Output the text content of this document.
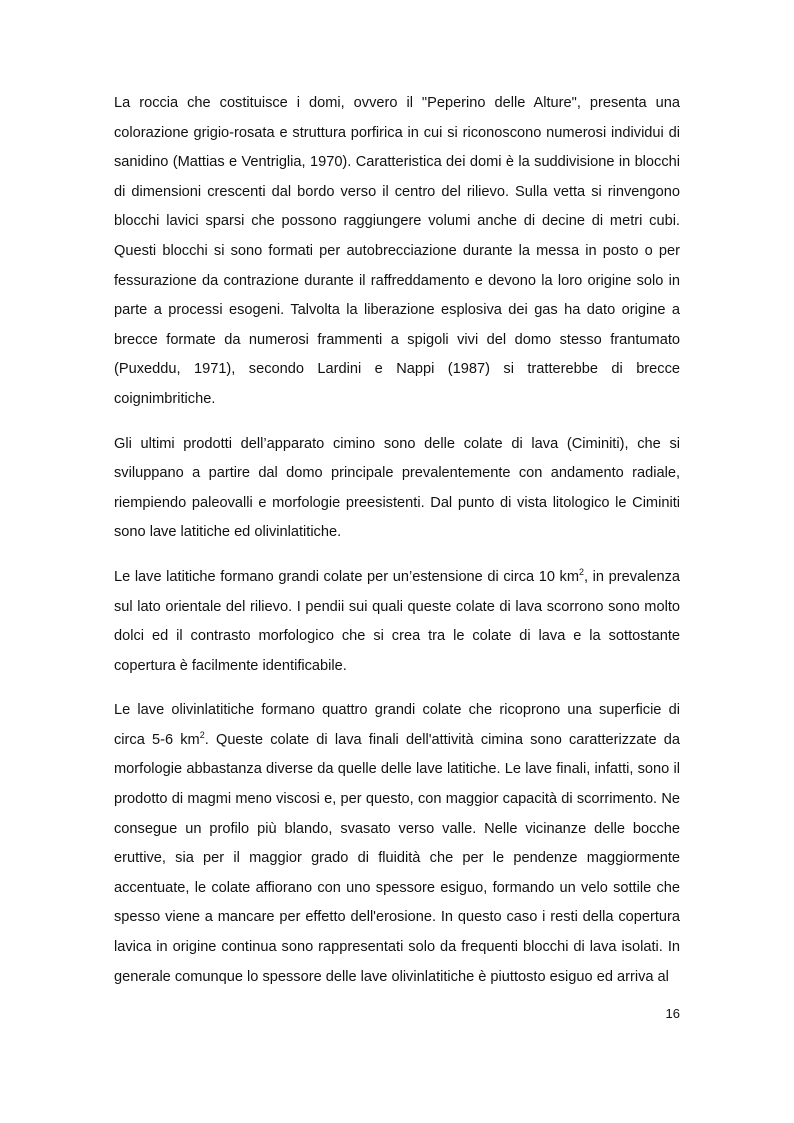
La roccia che costituisce i domi, ovvero il "Peperino delle Alture", presenta una colorazione grigio-rosata e struttura porfirica in cui si riconoscono numerosi individui di sanidino (Mattias e Ventriglia, 1970). Caratteristica dei domi è la suddivisione in blocchi di dimensioni crescenti dal bordo verso il centro del rilievo. Sulla vetta si rinvengono blocchi lavici sparsi che possono raggiungere volumi anche di decine di metri cubi. Questi blocchi si sono formati per autobrecciazione durante la messa in posto o per fessurazione da contrazione durante il raffreddamento e devono la loro origine solo in parte a processi esogeni. Talvolta la liberazione esplosiva dei gas ha dato origine a brecce formate da numerosi frammenti a spigoli vivi del domo stesso frantumato (Puxeddu, 1971), secondo Lardini e Nappi (1987) si tratterebbe di brecce coignimbritiche.

Gli ultimi prodotti dell’apparato cimino sono delle colate di lava (Ciminiti), che si sviluppano a partire dal domo principale prevalentemente con andamento radiale, riempiendo paleovalli e morfologie preesistenti. Dal punto di vista litologico le Ciminiti sono lave latitiche ed olivinlatitiche.

Le lave latitiche formano grandi colate per un’estensione di circa 10 $km^2$, in prevalenza sul lato orientale del rilievo. I pendii sui quali queste colate di lava scorrono sono molto dolci ed il contrasto morfologico che si crea tra le colate di lava e la sottostante copertura è facilmente identificabile.

Le lave olivinlatitiche formano quattro grandi colate che ricoprono una superficie di circa 5-6 $km^2$. Queste colate di lava finali dell'attività cimina sono caratterizzate da morfologie abbastanza diverse da quelle delle lave latitiche. Le lave finali, infatti, sono il prodotto di magmi meno viscosi e, per questo, con maggior capacità di scorrimento. Ne consegue un profilo più blando, svasato verso valle. Nelle vicinanze delle bocche eruttive, sia per il maggior grado di fluidità che per le pendenze maggiormente accentuate, le colate affiorano con uno spessore esiguo, formando un velo sottile che spesso viene a mancare per effetto dell'erosione. In questo caso i resti della copertura lavica in origine continua sono rappresentati solo da frequenti blocchi di lava isolati. In generale comunque lo spessore delle lave olivinlatitiche è piuttosto esiguo ed arriva al

16
